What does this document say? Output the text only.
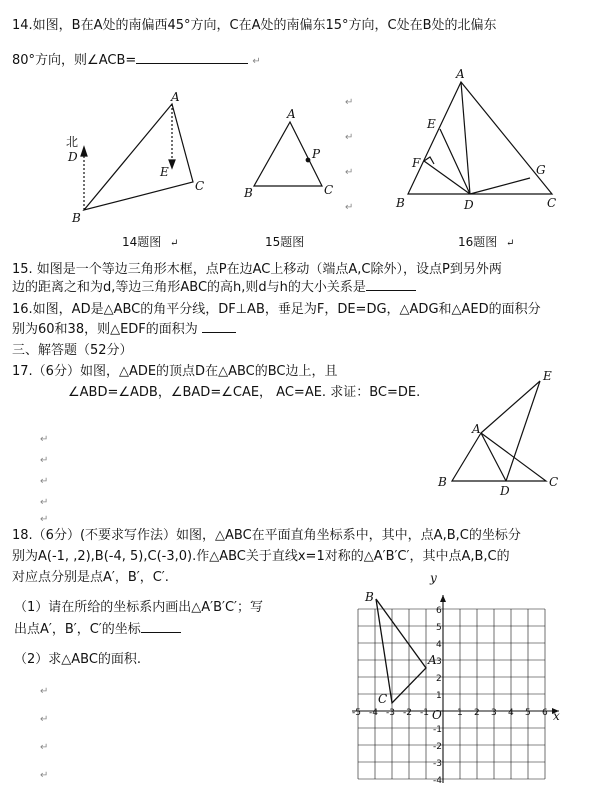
14.如图，B在A处的南偏西45°方向，C在A处的南偏东15°方向，C处在B处的北偏东
80°方向，则∠ACB=	↵
15. 如图是一个等边三角形木框，点P在边AC上移动（端点A,C除外），设点P到另外两
边的距离之和为d,等边三角形ABC的高h,则d与h的大小关系是
16.如图，AD是△ABC的角平分线，DF⊥AB，垂足为F，DE=DG，△ADG和△AED的面积分
别为60和38，则△EDF的面积为
三、解答题（52分）
17.（6分）如图，△ADE的顶点D在△ABC的BC边上，且
∠ABD=∠ADB，∠BAD=∠CAE， AC=AE. 求证：BC=DE.
18.（6分）(不要求写作法）如图，△ABC在平面直角坐标系中，其中，点A,B,C的坐标分
别为A(-1, ,2),B(-4, 5),C(-3,0).作△ABC关于直线x=1对称的△A′B′C′，其中点A,B,C的
对应点分别是点A′，B′，C′.
（1）请在所给的坐标系内画出△A′B′C′；写
出点A′，B′，C′的坐标
（2）求△ABC的面积.
↵
↵
↵
↵
↵
↵
↵
↵
↵
↵
↵
↵
↵
北
A
B
C
D
E
14题图 ↵
A
B	C
P
15题图
A
B	C
D
E
F	G
16题图 ↵
A
B	C
D
E
-5 -4 -3 -2 -1	1 2 3 4 5 6
6
5
4
3
2
1
-1
-2
-3
-4
A
B
C
O	x
y
